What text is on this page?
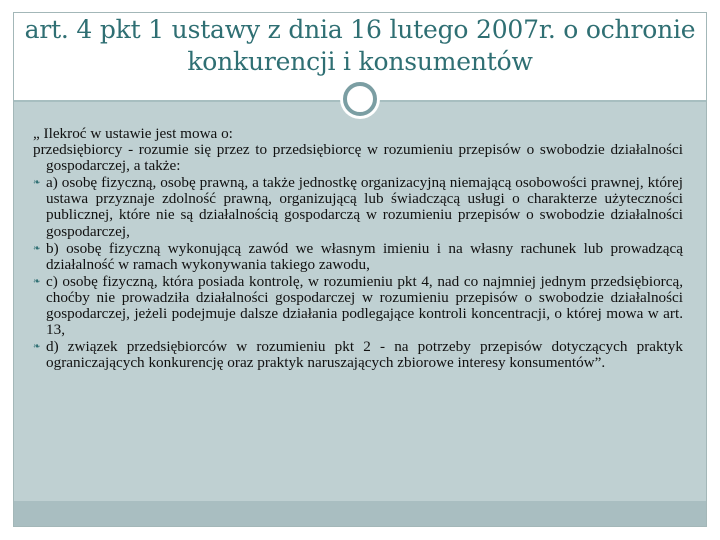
art. 4 pkt 1 ustawy z dnia 16 lutego 2007r. o ochronie konkurencji i konsumentów

„ Ilekroć w ustawie jest mowa o:

przedsiębiorcy - rozumie się przez to przedsiębiorcę w rozumieniu przepisów o swobodzie działalności gospodarczej, a także:

❧ a) osobę fizyczną, osobę prawną, a także jednostkę organizacyjną niemającą osobowości prawnej, której ustawa przyznaje zdolność prawną, organizującą lub świadczącą usługi o charakterze użyteczności publicznej, które nie są działalnością gospodarczą w rozumieniu przepisów o swobodzie działalności gospodarczej,

❧ b) osobę fizyczną wykonującą zawód we własnym imieniu i na własny rachunek lub prowadzącą działalność w ramach wykonywania takiego zawodu,

❧ c) osobę fizyczną, która posiada kontrolę, w rozumieniu pkt 4, nad co najmniej jednym przedsiębiorcą, choćby nie prowadziła działalności gospodarczej w rozumieniu przepisów o swobodzie działalności gospodarczej, jeżeli podejmuje dalsze działania podlegające kontroli koncentracji, o której mowa w art. 13,

❧ d) związek przedsiębiorców w rozumieniu pkt 2 - na potrzeby przepisów dotyczących praktyk ograniczających konkurencję oraz praktyk naruszających zbiorowe interesy konsumentów”.
